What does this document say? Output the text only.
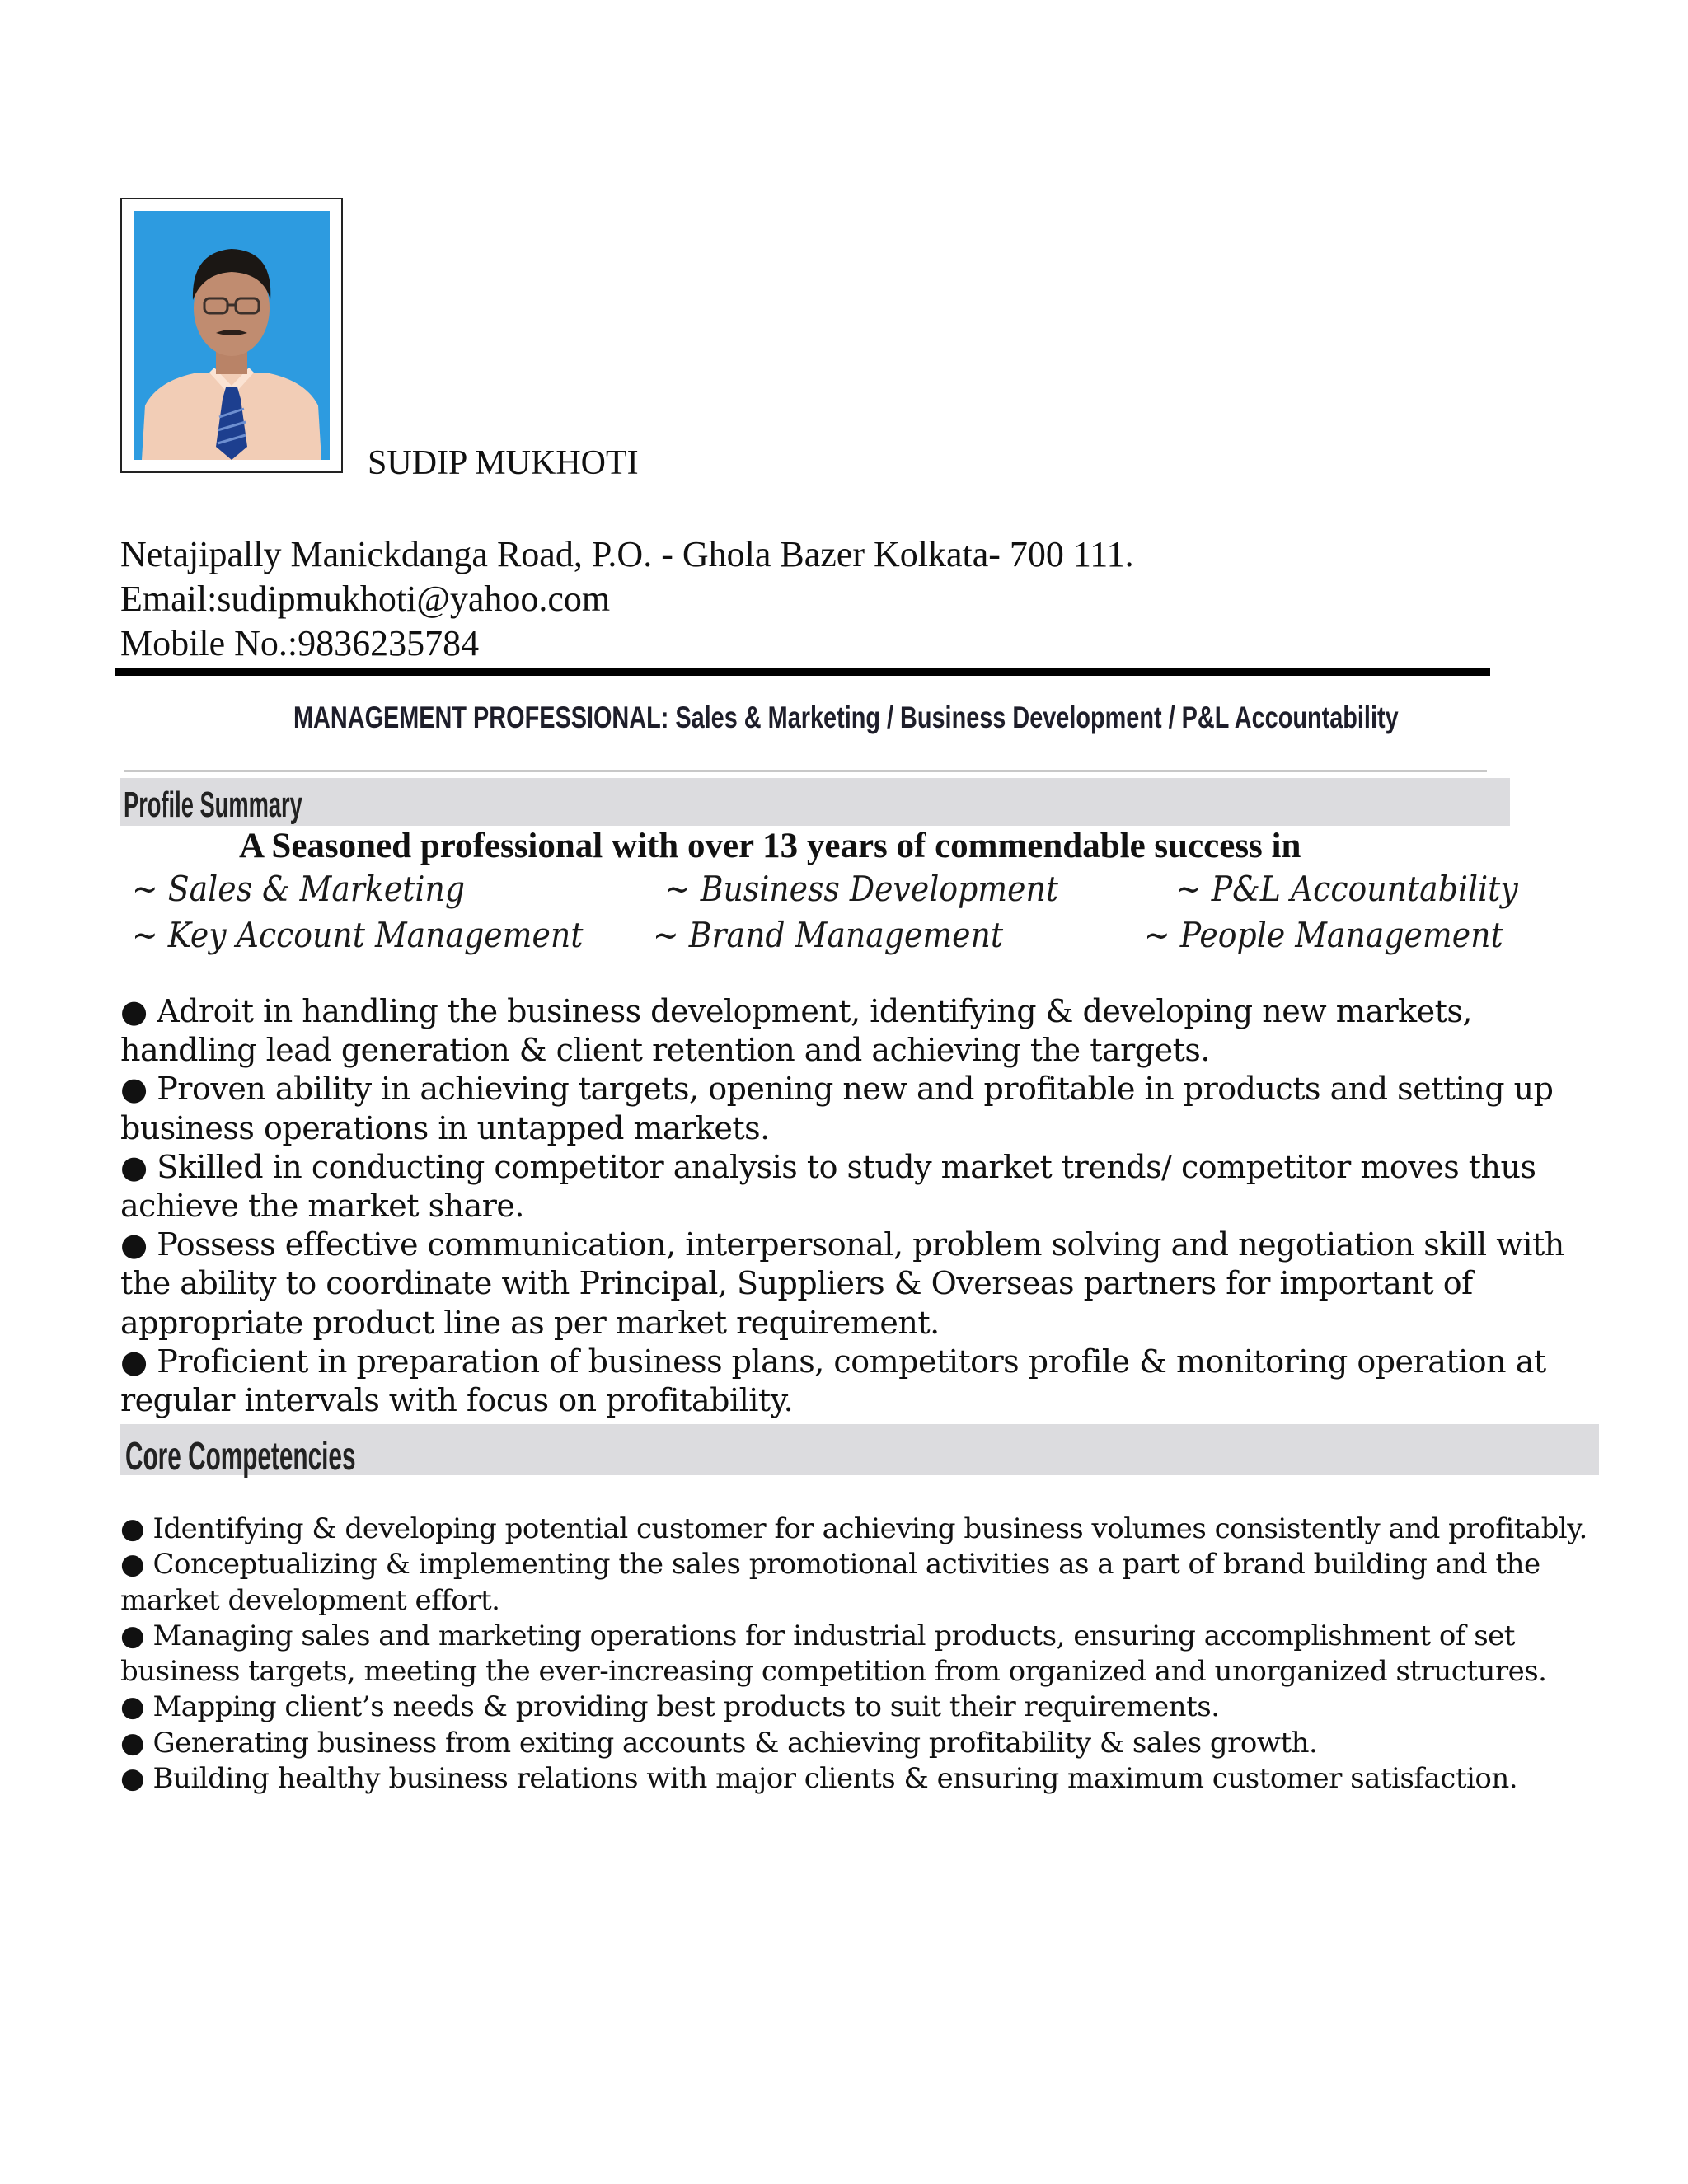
SUDIP MUKHOTI
Netajipally Manickdanga Road, P.O. - Ghola Bazer Kolkata- 700 111.
Email:sudipmukhoti@yahoo.com
Mobile No.:9836235784
MANAGEMENT PROFESSIONAL: Sales & Marketing / Business Development / P&L Accountability
Profile Summary
A Seasoned professional with over 13 years of commendable success in
~ Sales & Marketing	~ Business Development	~ P&L Accountability
~ Key Account Management ~ Brand Management	~ People Management

● Adroit in handling the business development, identifying & developing new markets, handling lead generation & client retention and achieving the targets.

● Proven ability in achieving targets, opening new and profitable in products and setting up business operations in untapped markets.

● Skilled in conducting competitor analysis to study market trends/ competitor moves thus achieve the market share.

● Possess effective communication, interpersonal, problem solving and negotiation skill with the ability to coordinate with Principal, Suppliers & Overseas partners for important of appropriate product line as per market requirement.

● Proficient in preparation of business plans, competitors profile & monitoring operation at regular intervals with focus on profitability.

Core Competencies

● Identifying & developing potential customer for achieving business volumes consistently and profitably.

● Conceptualizing & implementing the sales promotional activities as a part of brand building and the market development effort.

● Managing sales and marketing operations for industrial products, ensuring accomplishment of set business targets, meeting the ever-increasing competition from organized and unorganized structures.

● Mapping client’s needs & providing best products to suit their requirements.

● Generating business from exiting accounts & achieving profitability & sales growth.

● Building healthy business relations with major clients & ensuring maximum customer satisfaction.
